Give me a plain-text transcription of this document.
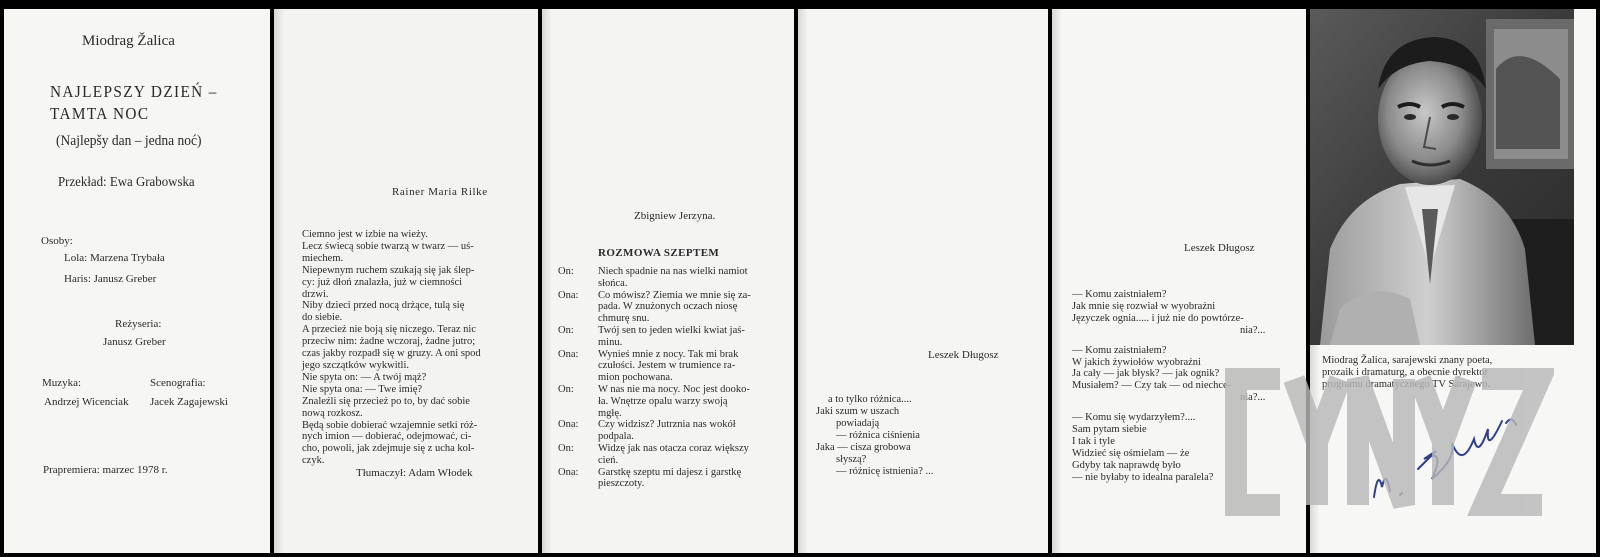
Miodrag Žalica
NAJLEPSZY DZIEŃ –
TAMTA NOC
(Najlepšy dan – jedna noć)
Przekład: Ewa Grabowska
Osoby:
Lola: Marzena Trybała
Haris: Janusz Greber
Reżyseria:
Janusz Greber
Muzyka:
Andrzej Wicenciak
Scenografia:
Jacek Zagajewski
Prapremiera: marzec 1978 r.
Rainer Maria Rilke
Ciemno jest w izbie na wieży.
Lecz świecą sobie twarzą w twarz — uś-
miechem.
Niepewnym ruchem szukają się jak ślep-
cy: już dłoń znalazła, już w ciemności
drzwi.
Niby dzieci przed nocą drżące, tulą się
do siebie.
A przecież nie boją się niczego. Teraz nic
przeciw nim: żadne wczoraj, żadne jutro;
czas jakby rozpadł się w gruzy. A oni spod
jego szczątków wykwitli.
Nie spyta on: — A twój mąż?
Nie spyta ona: — Twe imię?
Znaleźli się przecież po to, by dać sobie
nową rozkosz.
Będą sobie dobierać wzajemnie setki róż-
nych imion — dobierać, odejmować, ci-
cho, powoli, jak zdejmuje się z ucha kol-
czyk.
Tłumaczył: Adam Włodek
Zbigniew Jerzyna.
ROZMOWA SZEPTEM
On:	Niech spadnie na nas wielki namiot
słońca.
Ona:	Co mówisz? Ziemia we mnie się za-
pada. W znużonych oczach niosę
chmurę snu.
On:	Twój sen to jeden wielki kwiat jaś-
minu.
Ona:	Wynieś mnie z nocy. Tak mi brak
czułości. Jestem w trumience ra-
mion pochowana.
On:	W nas nie ma nocy. Noc jest dooko-
ła. Wnętrze opalu warzy swoją
mgłę.
Ona:	Czy widzisz? Jutrznia nas wokół
podpala.
On:	Widzę jak nas otacza coraz większy
cień.
Ona:	Garstkę szeptu mi dajesz i garstkę
pieszczoty.
Leszek Długosz
a to tylko różnica....
Jaki szum w uszach
powiadają
— różnica ciśnienia
Jaka — cisza grobowa
słyszą?
— różnicę istnienia? ...
Leszek Długosz
— Komu zaistniałem?
Jak mnie się rozwiał w wyobraźni
Języczek ognia..... i już nie do powtórze-
nia?...
— Komu zaistniałem?
W jakich żywiołów wyobraźni
Ja cały — jak błysk? — jak ognik?
Musiałem? — Czy tak — od niechce-
nia?...
— Komu się wydarzyłem?....
Sam pytam siebie
I tak i tyle
Widzieć się ośmielam — że
Gdyby tak naprawdę było
— nie byłaby to idealna paralela?
Miodrag Žalica, sarajewski znany poeta,
prozaik i dramaturg, a obecnie dyrektor
programu dramatycznego TV Sarajewo.
